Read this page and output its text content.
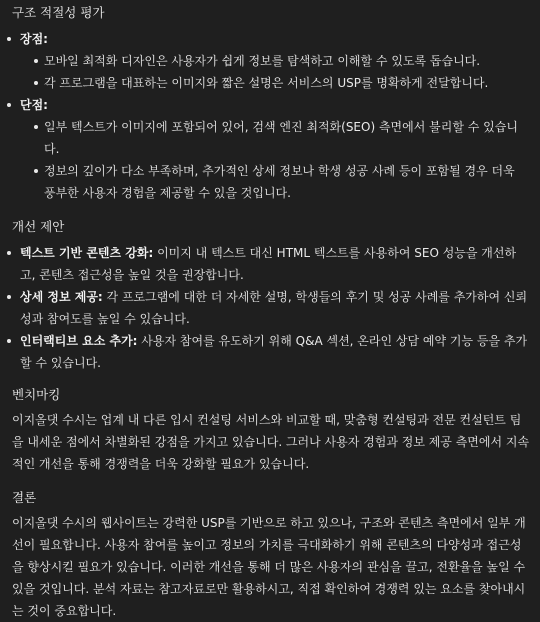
구조 적절성 평가
장점:
모바일 최적화 디자인은 사용자가 쉽게 정보를 탐색하고 이해할 수 있도록 돕습니다.
각 프로그램을 대표하는 이미지와 짧은 설명은 서비스의 USP를 명확하게 전달합니다.
단점:
일부 텍스트가 이미지에 포함되어 있어, 검색 엔진 최적화(SEO) 측면에서 불리할 수 있습니다.
정보의 깊이가 다소 부족하며, 추가적인 상세 정보나 학생 성공 사례 등이 포함될 경우 더욱 풍부한 사용자 경험을 제공할 수 있을 것입니다.
개선 제안
텍스트 기반 콘텐츠 강화: 이미지 내 텍스트 대신 HTML 텍스트를 사용하여 SEO 성능을 개선하고, 콘텐츠 접근성을 높일 것을 권장합니다.
상세 정보 제공: 각 프로그램에 대한 더 자세한 설명, 학생들의 후기 및 성공 사례를 추가하여 신뢰성과 참여도를 높일 수 있습니다.
인터랙티브 요소 추가: 사용자 참여를 유도하기 위해 Q&A 섹션, 온라인 상담 예약 기능 등을 추가할 수 있습니다.
벤치마킹

이지올댓 수시는 업계 내 다른 입시 컨설팅 서비스와 비교할 때, 맞춤형 컨설팅과 전문 컨설턴트 팀을 내세운 점에서 차별화된 강점을 가지고 있습니다. 그러나 사용자 경험과 정보 제공 측면에서 지속적인 개선을 통해 경쟁력을 더욱 강화할 필요가 있습니다.

결론

이지올댓 수시의 웹사이트는 강력한 USP를 기반으로 하고 있으나, 구조와 콘텐츠 측면에서 일부 개선이 필요합니다. 사용자 참여를 높이고 정보의 가치를 극대화하기 위해 콘텐츠의 다양성과 접근성을 향상시킬 필요가 있습니다. 이러한 개선을 통해 더 많은 사용자의 관심을 끌고, 전환율을 높일 수 있을 것입니다. 분석 자료는 참고자료로만 활용하시고, 직접 확인하여 경쟁력 있는 요소를 찾아내시는 것이 중요합니다.
